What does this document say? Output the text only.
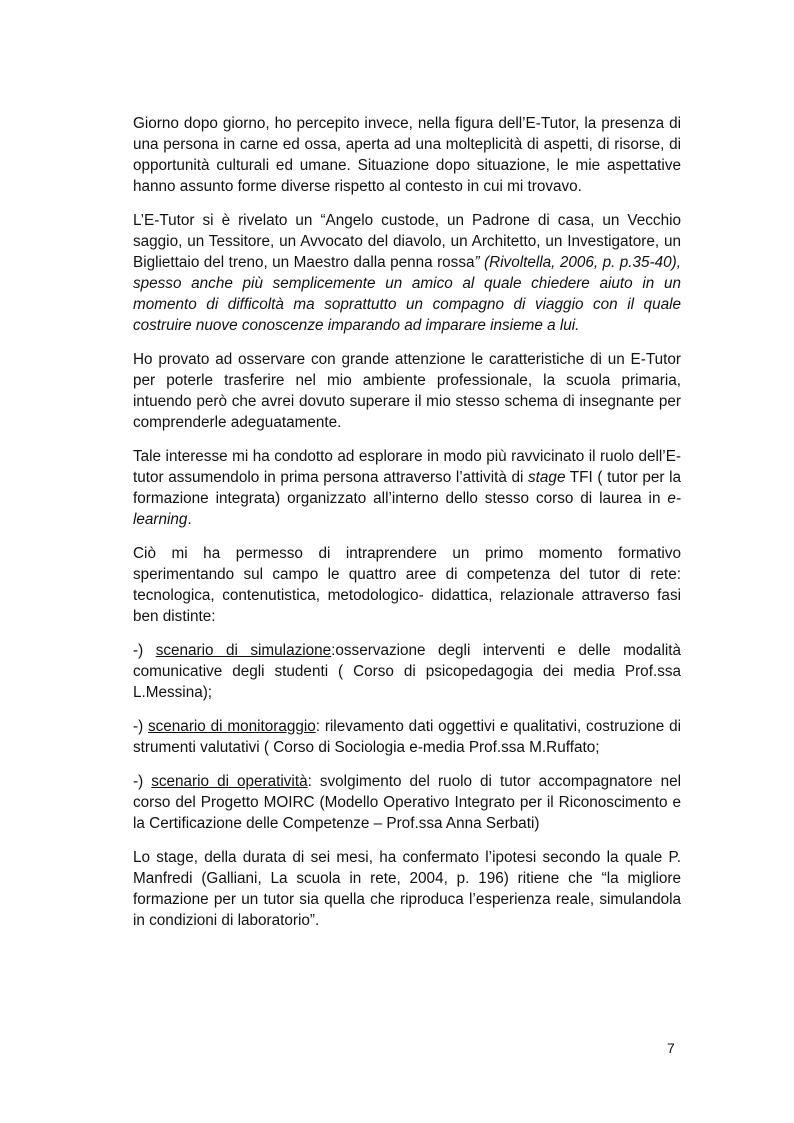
Giorno dopo giorno, ho percepito invece, nella figura dell’E-Tutor, la presenza di una persona in carne ed ossa, aperta ad una molteplicità di aspetti, di risorse, di opportunità culturali ed umane. Situazione dopo situazione, le mie aspettative hanno assunto forme diverse rispetto al contesto in cui mi trovavo.

L’E-Tutor si è rivelato un “Angelo custode, un Padrone di casa, un Vecchio saggio, un Tessitore, un Avvocato del diavolo, un Architetto, un Investigatore, un Bigliettaio del treno, un Maestro dalla penna rossa” (Rivoltella, 2006, p. p.35-40), spesso anche più semplicemente un amico al quale chiedere aiuto in un momento di difficoltà ma soprattutto un compagno di viaggio con il quale costruire nuove conoscenze imparando ad imparare insieme a lui.

Ho provato ad osservare con grande attenzione le caratteristiche di un E-Tutor per poterle trasferire nel mio ambiente professionale, la scuola primaria, intuendo però che avrei dovuto superare il mio stesso schema di insegnante per comprenderle adeguatamente.

Tale interesse mi ha condotto ad esplorare in modo più ravvicinato il ruolo dell’E-tutor assumendolo in prima persona attraverso l’attività di stage TFI ( tutor per la formazione integrata) organizzato all’interno dello stesso corso di laurea in e-learning.

Ciò mi ha permesso di intraprendere un primo momento formativo sperimentando sul campo le quattro aree di competenza del tutor di rete: tecnologica, contenutistica, metodologico- didattica, relazionale attraverso fasi ben distinte:

-) scenario di simulazione:osservazione degli interventi e delle modalità comunicative degli studenti ( Corso di psicopedagogia dei media Prof.ssa L.Messina);

-) scenario di monitoraggio: rilevamento dati oggettivi e qualitativi, costruzione di strumenti valutativi ( Corso di Sociologia e-media Prof.ssa M.Ruffato;

-) scenario di operatività: svolgimento del ruolo di tutor accompagnatore nel corso del Progetto MOIRC (Modello Operativo Integrato per il Riconoscimento e la Certificazione delle Competenze – Prof.ssa Anna Serbati)

Lo stage, della durata di sei mesi, ha confermato l’ipotesi secondo la quale P. Manfredi (Galliani, La scuola in rete, 2004, p. 196) ritiene che “la migliore formazione per un tutor sia quella che riproduca l’esperienza reale, simulandola in condizioni di laboratorio”.

7
